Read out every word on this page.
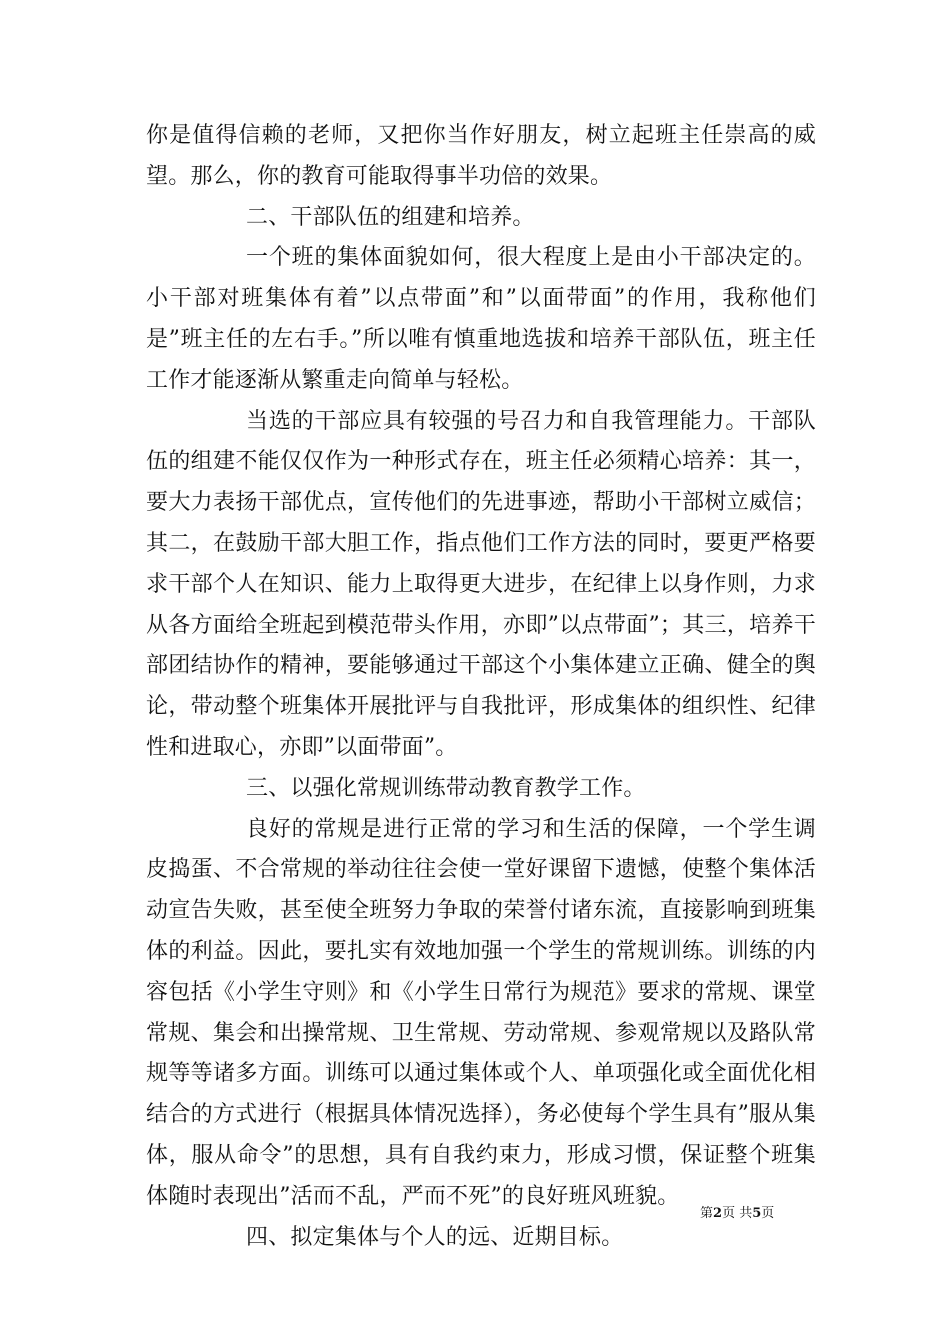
你是值得信赖的老师，又把你当作好朋友，树立起班主任崇高的威望。那么，你的教育可能取得事半功倍的效果。

二、干部队伍的组建和培养。

一个班的集体面貌如何，很大程度上是由小干部决定的。小干部对班集体有着”以点带面”和”以面带面”的作用，我称他们是”班主任的左右手。”所以唯有慎重地选拔和培养干部队伍，班主任工作才能逐渐从繁重走向简单与轻松。

当选的干部应具有较强的号召力和自我管理能力。干部队伍的组建不能仅仅作为一种形式存在，班主任必须精心培养：其一，要大力表扬干部优点，宣传他们的先进事迹，帮助小干部树立威信；其二，在鼓励干部大胆工作，指点他们工作方法的同时，要更严格要求干部个人在知识、能力上取得更大进步，在纪律上以身作则，力求从各方面给全班起到模范带头作用，亦即”以点带面”；其三，培养干部团结协作的精神，要能够通过干部这个小集体建立正确、健全的舆论，带动整个班集体开展批评与自我批评，形成集体的组织性、纪律性和进取心，亦即”以面带面”。

三、以强化常规训练带动教育教学工作。

良好的常规是进行正常的学习和生活的保障，一个学生调皮捣蛋、不合常规的举动往往会使一堂好课留下遗憾，使整个集体活动宣告失败，甚至使全班努力争取的荣誉付诸东流，直接影响到班集体的利益。因此，要扎实有效地加强一个学生的常规训练。训练的内容包括《小学生守则》和《小学生日常行为规范》要求的常规、课堂常规、集会和出操常规、卫生常规、劳动常规、参观常规以及路队常规等等诸多方面。训练可以通过集体或个人、单项强化或全面优化相结合的方式进行（根据具体情况选择），务必使每个学生具有”服从集体，服从命令”的思想，具有自我约束力，形成习惯，保证整个班集体随时表现出”活而不乱，严而不死”的良好班风班貌。

四、拟定集体与个人的远、近期目标。

第2页 共5页
